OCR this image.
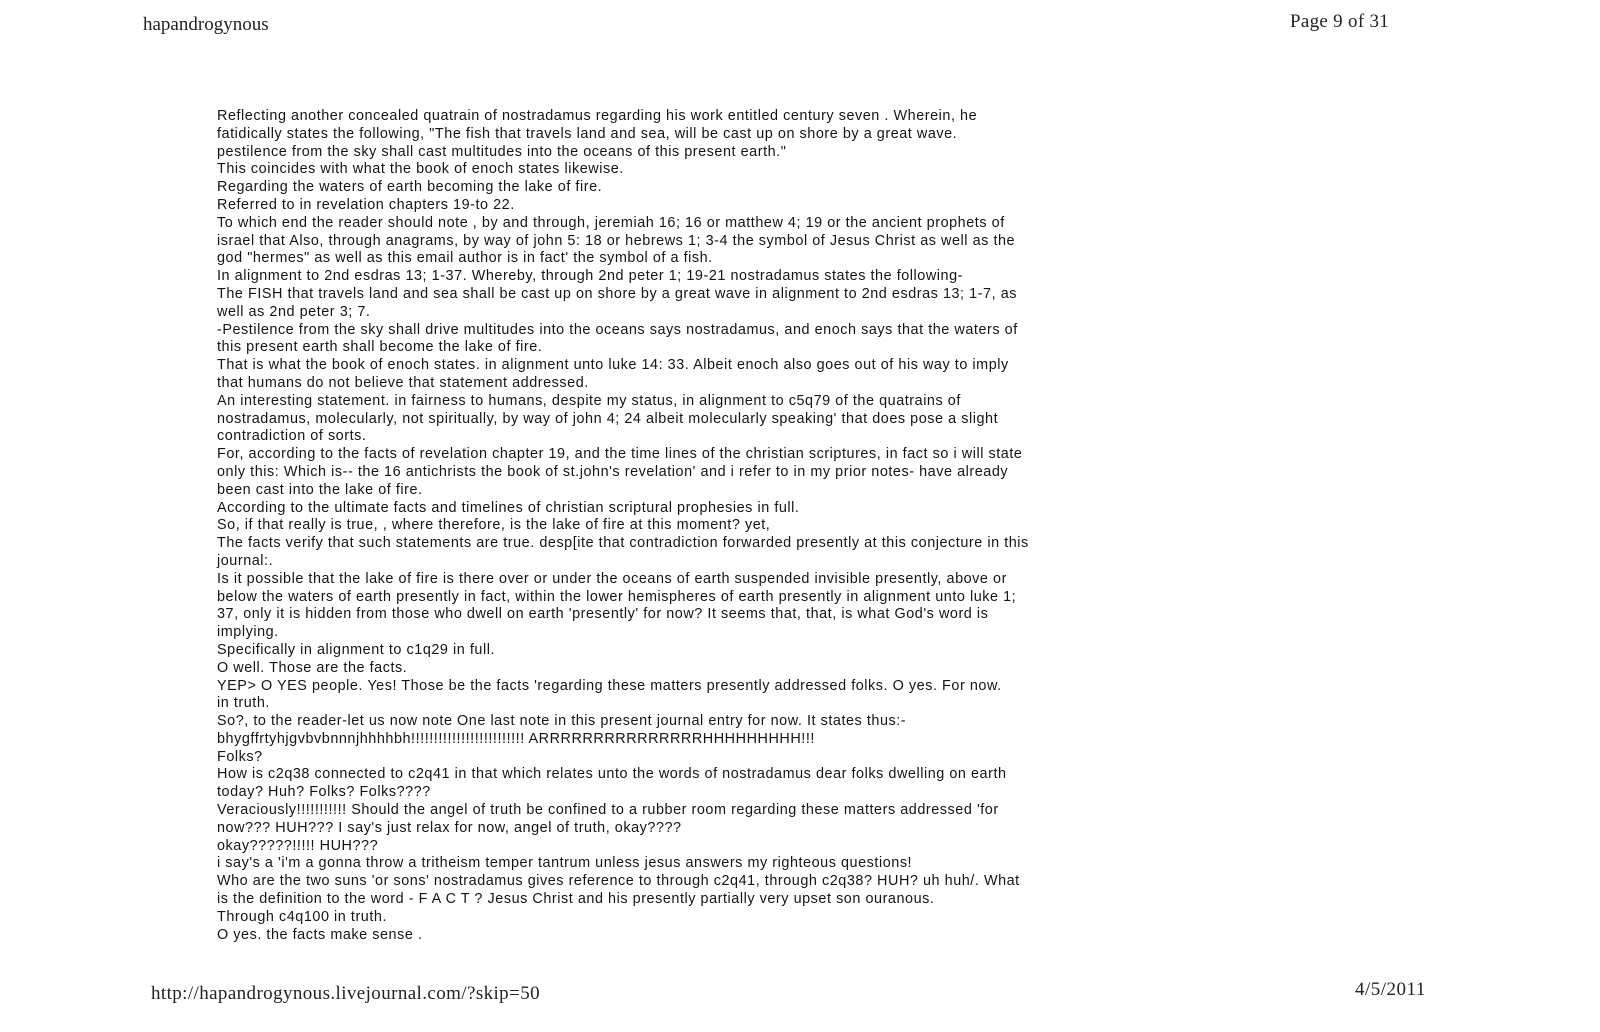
hapandrogynous	Page 9 of 31
Reflecting another concealed quatrain of nostradamus regarding his work entitled century seven . Wherein, he
fatidically states the following, "The fish that travels land and sea, will be cast up on shore by a great wave.
pestilence from the sky shall cast multitudes into the oceans of this present earth."
This coincides with what the book of enoch states likewise.
Regarding the waters of earth becoming the lake of fire.
Referred to in revelation chapters 19-to 22.
To which end the reader should note , by and through, jeremiah 16; 16 or matthew 4; 19 or the ancient prophets of
israel that Also, through anagrams, by way of john 5: 18 or hebrews 1; 3-4 the symbol of Jesus Christ as well as the
god "hermes" as well as this email author is in fact' the symbol of a fish.
In alignment to 2nd esdras 13; 1-37. Whereby, through 2nd peter 1; 19-21 nostradamus states the following-
The FISH that travels land and sea shall be cast up on shore by a great wave in alignment to 2nd esdras 13; 1-7, as
well as 2nd peter 3; 7.
-Pestilence from the sky shall drive multitudes into the oceans says nostradamus, and enoch says that the waters of
this present earth shall become the lake of fire.
That is what the book of enoch states. in alignment unto luke 14: 33. Albeit enoch also goes out of his way to imply
that humans do not believe that statement addressed.
An interesting statement. in fairness to humans, despite my status, in alignment to c5q79 of the quatrains of
nostradamus, molecularly, not spiritually, by way of john 4; 24 albeit molecularly speaking' that does pose a slight
contradiction of sorts.
For, according to the facts of revelation chapter 19, and the time lines of the christian scriptures, in fact so i will state
only this: Which is-- the 16 antichrists the book of st.john's revelation' and i refer to in my prior notes- have already
been cast into the lake of fire.
According to the ultimate facts and timelines of christian scriptural prophesies in full.
So, if that really is true, , where therefore, is the lake of fire at this moment? yet,
The facts verify that such statements are true. desp[ite that contradiction forwarded presently at this conjecture in this
journal:.
Is it possible that the lake of fire is there over or under the oceans of earth suspended invisible presently, above or
below the waters of earth presently in fact, within the lower hemispheres of earth presently in alignment unto luke 1;
37, only it is hidden from those who dwell on earth 'presently' for now? It seems that, that, is what God's word is
implying.
Specifically in alignment to c1q29 in full.
O well. Those are the facts.
YEP> O YES people. Yes! Those be the facts 'regarding these matters presently addressed folks. O yes. For now.
in truth.
So?, to the reader-let us now note One last note in this present journal entry for now. It states thus:-
bhygffrtyhjgvbvbnnnjhhhhbh!!!!!!!!!!!!!!!!!!!!!!!!! ARRRRRRRRRRRRRRRHHHHHHHHH!!!
Folks?
How is c2q38 connected to c2q41 in that which relates unto the words of nostradamus dear folks dwelling on earth
today? Huh? Folks? Folks????
Veraciously!!!!!!!!!!! Should the angel of truth be confined to a rubber room regarding these matters addressed 'for
now??? HUH??? I say's just relax for now, angel of truth, okay????
okay?????!!!!! HUH???
i say's a 'i'm a gonna throw a tritheism temper tantrum unless jesus answers my righteous questions!
Who are the two suns 'or sons' nostradamus gives reference to through c2q41, through c2q38? HUH? uh huh/. What
is the definition to the word - F A C T ? Jesus Christ and his presently partially very upset son ouranous.
Through c4q100 in truth.
O yes. the facts make sense .
http://hapandrogynous.livejournal.com/?skip=50	4/5/2011
